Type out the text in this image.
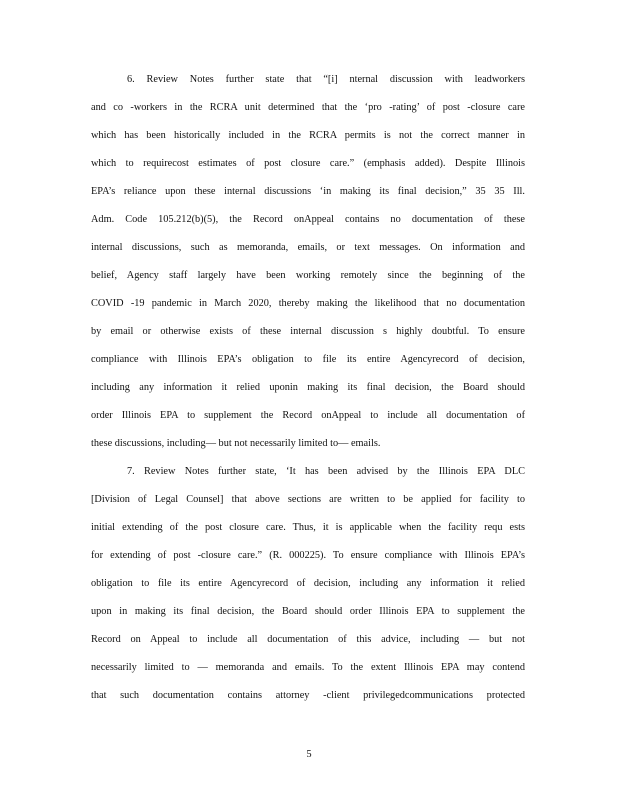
6. Review Notes further state that “[i] nternal discussion with leadworkers
and co -workers in the RCRA unit determined that the ‘pro -rating’ of post -closure care
which has been historically included in the RCRA permits is not the correct manner in
which to requirecost estimates of post closure care.” (emphasis added). Despite Illinois
EPA’s reliance upon these internal discussions ‘in making its final decision,” 35 35 Ill.
Adm. Code 105.212(b)(5), the Record onAppeal contains no documentation of these
internal discussions, such as memoranda, emails, or text messages. On information and
belief, Agency staff largely have been working remotely since the beginning of the
COVID -19 pandemic in March 2020, thereby making the likelihood that no documentation
by email or otherwise exists of these internal discussion s highly doubtful. To ensure
compliance with Illinois EPA’s obligation to file its entire Agencyrecord of decision,
including any information it relied uponin making its final decision, the Board should
order Illinois EPA to supplement the Record onAppeal to include all documentation of
these discussions, including— but not necessarily limited to— emails.
7. Review Notes further state, ‘It has been advised by the Illinois EPA DLC
[Division of Legal Counsel] that above sections are written to be applied for facility to
initial extending of the post closure care. Thus, it is applicable when the facility requ ests
for extending of post -closure care.” (R. 000225). To ensure compliance with Illinois EPA’s
obligation to file its entire Agencyrecord of decision, including any information it relied
upon in making its final decision, the Board should order Illinois EPA to supplement the
Record on Appeal to include all documentation of this advice, including — but not
necessarily limited to — memoranda and emails. To the extent Illinois EPA may contend
that such documentation contains attorney -client privilegedcommunications protected
5
